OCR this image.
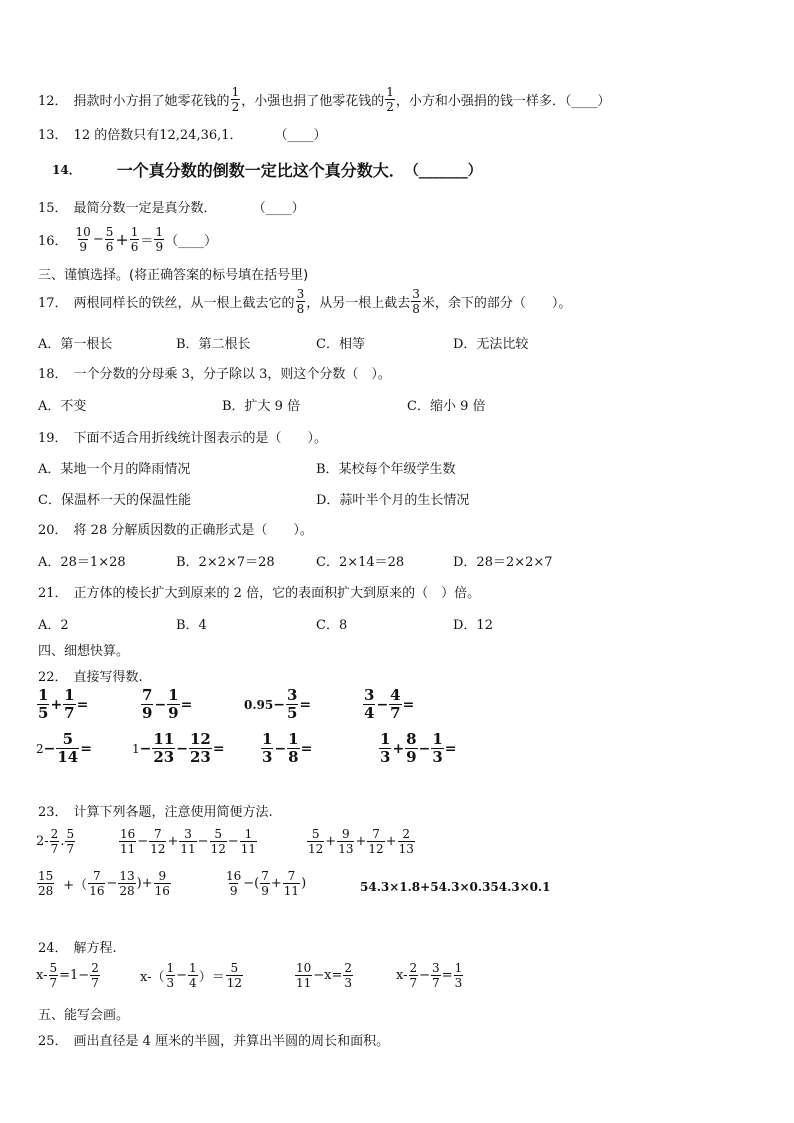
12． 捐款时小方捐了她零花钱的
1
2 ，小强也捐了他零花钱的
1
2 ，小方和小强捐的钱一样多．（____）
13． 12 的倍数只有12,24,36,1． （____）
14． 一个真分数的倒数一定比这个真分数大． （_______）
15． 最简分数一定是真分数．	（____）
16．
10
$9 - \frac{5}{6} + \frac{1}{6}$ ＝
1
9 （____）
三、谨慎选择。(将正确答案的标号填在括号里)
17． 两根同样长的铁丝，从一根上截去它的
3
8 ，从另一根上截去
3
8 米，余下的部分（　　）。
A．第一根长	B．第二根长	C．相等	D．无法比较
18． 一个分数的分母乘 3，分子除以 3，则这个分数（　）。
A．不变	B．扩大 9 倍	C．缩小 9 倍
19． 下面不适合用折线统计图表示的是（　　）。
A．某地一个月的降雨情况	B．某校每个年级学生数
C．保温杯一天的保温性能	D．蒜叶半个月的生长情况
20． 将 28 分解质因数的正确形式是（　　）。
A．28＝1×28	B．2×2×7＝28	C．2×14＝28	D．28＝2×2×7
21． 正方体的棱长扩大到原来的 2 倍，它的表面积扩大到原来的（　）倍。
A．2	B．4	C．8	D．12
四、细想快算。
22． 直接写得数.
1
$5 + \frac{1}{7}$ =
7
$9 - \frac{1}{9}$ =	$0.95 - \frac{3}{5}$ =
3
$4 - \frac{4}{7}$ =
$2 - \frac{5}{14}$ =	$1 - \frac{11}{23} - \frac{12}{23}$ =
1
$3 - \frac{1}{8}$ =
1
$3 + \frac{8}{9} - \frac{1}{3}$ =
23． 计算下列各题，注意使用简便方法.
2- 2
7 . 5
7
16
$11 - \frac{7}{12} + \frac{3}{11} - \frac{5}{12} - \frac{1}{11}$	5
$12 + \frac{9}{13} + \frac{7}{12} + \frac{2}{13}$
15
28 +（
7
$16 - \frac{13}{28}$ )+ $\frac{9}{16}$	16
9 −( 7
$9 + \frac{7}{11}$ )	54.3×1.8+54.3×0.354.3×0.1
24． 解方程.
$x- \frac{5}{7} =1- \frac{2}{7}$	x-（
1
$3 - \frac{1}{4}$ ）＝
5
12
10
$11 -x= \frac{2}{3}$	x- 2
$7 - \frac{3}{7} = \frac{1}{3}$
五、能写会画。
25． 画出直径是 4 厘米的半圆，并算出半圆的周长和面积。
